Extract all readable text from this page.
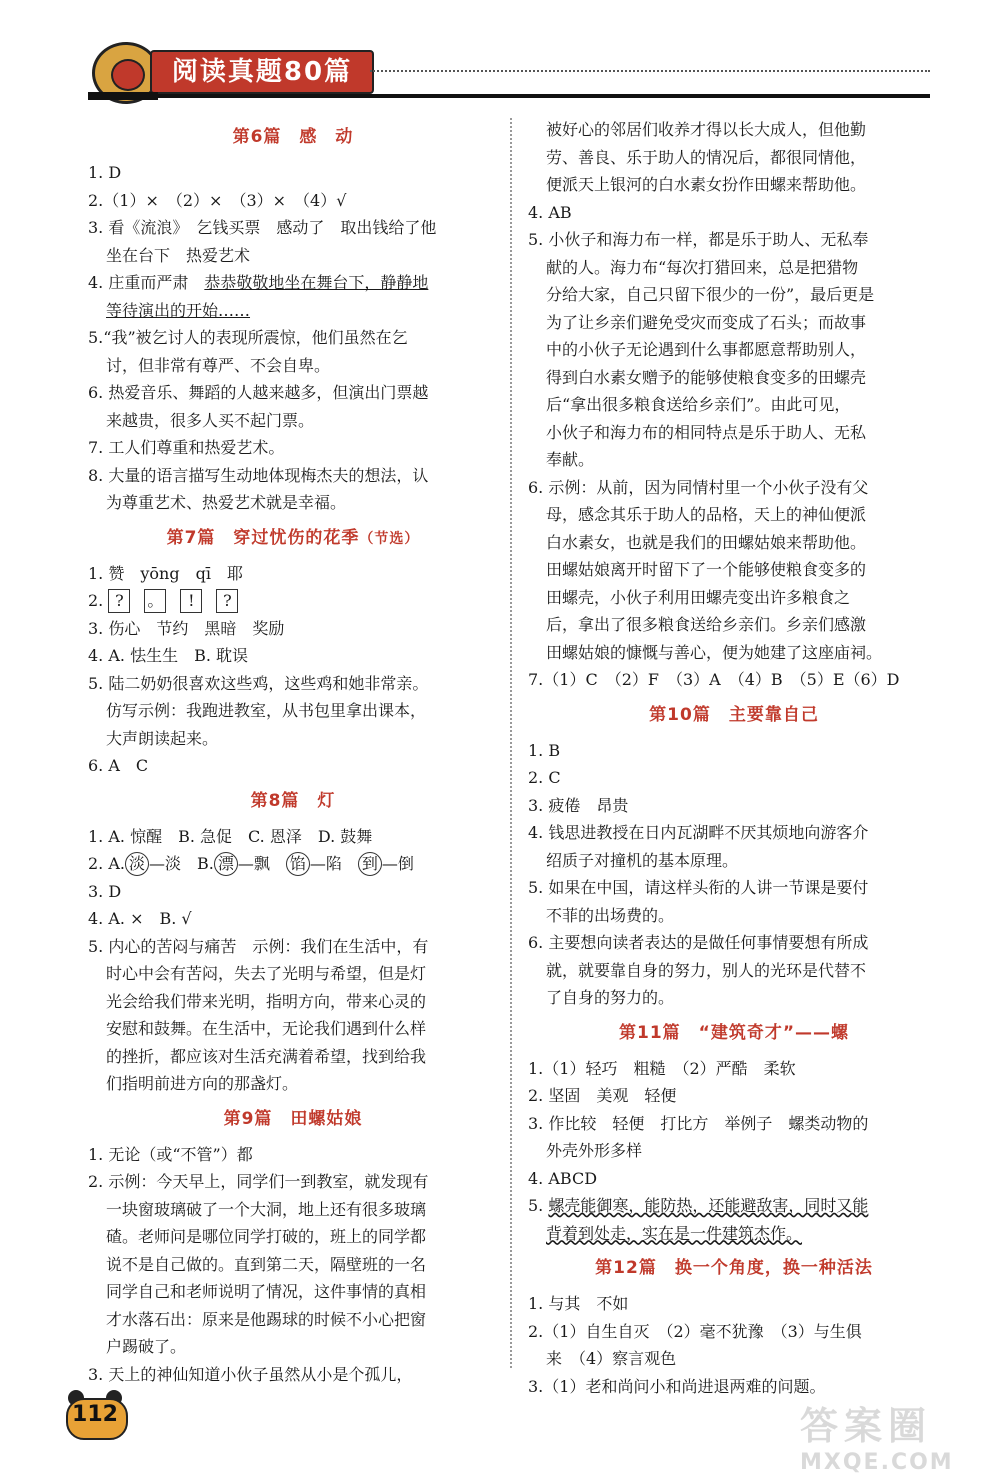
阅读真题80篇
第6篇　感　动
1. D
2.（1）×　（2）×　（3）×　（4）√
3. 看《流浪》　乞钱买票　感动了　取出钱给了他
坐在台下　热爱艺术
4. 庄重而严肃　恭恭敬敬地坐在舞台下，静静地
等待演出的开始……
5.“我”被乞讨人的表现所震惊，他们虽然在乞
讨，但非常有尊严、不会自卑。
6. 热爱音乐、舞蹈的人越来越多，但演出门票越
来越贵，很多人买不起门票。
7. 工人们尊重和热爱艺术。
8. 大量的语言描写生动地体现梅杰夫的想法，认
为尊重艺术、热爱艺术就是幸福。
第7篇　穿过忧伤的花季（节选）
1. 赞　yōng　qī　耶
2. ? 。 ! ?
3. 伤心　节约　黑暗　奖励
4. A. 怯生生　B. 耽误
5. 陆二奶奶很喜欢这些鸡，这些鸡和她非常亲。
仿写示例：我跑进教室，从书包里拿出课本，
大声朗读起来。
6. A　C
第8篇　灯
1. A. 惊醒　B. 急促　C. 恩泽　D. 鼓舞
2. A. 淡 —淡　B. 漂 —飘　馅 —陷　到 —倒
3. D
4. A. ×　B. √
5. 内心的苦闷与痛苦　示例：我们在生活中，有
时心中会有苦闷，失去了光明与希望，但是灯
光会给我们带来光明，指明方向，带来心灵的
安慰和鼓舞。在生活中，无论我们遇到什么样
的挫折，都应该对生活充满着希望，找到给我
们指明前进方向的那盏灯。
第9篇　田螺姑娘
1. 无论（或“不管”）都
2. 示例：今天早上，同学们一到教室，就发现有
一块窗玻璃破了一个大洞，地上还有很多玻璃
碴。老师问是哪位同学打破的，班上的同学都
说不是自己做的。直到第二天，隔壁班的一名
同学自己和老师说明了情况，这件事情的真相
才水落石出：原来是他踢球的时候不小心把窗
户踢破了。
3. 天上的神仙知道小伙子虽然从小是个孤儿，
被好心的邻居们收养才得以长大成人，但他勤
劳、善良、乐于助人的情况后，都很同情他，
便派天上银河的白水素女扮作田螺来帮助他。
4. AB
5. 小伙子和海力布一样，都是乐于助人、无私奉
献的人。海力布“每次打猎回来，总是把猎物
分给大家，自己只留下很少的一份”，最后更是
为了让乡亲们避免受灾而变成了石头；而故事
中的小伙子无论遇到什么事都愿意帮助别人，
得到白水素女赠予的能够使粮食变多的田螺壳
后“拿出很多粮食送给乡亲们”。由此可见，
小伙子和海力布的相同特点是乐于助人、无私
奉献。
6. 示例：从前，因为同情村里一个小伙子没有父
母，感念其乐于助人的品格，天上的神仙便派
白水素女，也就是我们的田螺姑娘来帮助他。
田螺姑娘离开时留下了一个能够使粮食变多的
田螺壳，小伙子利用田螺壳变出许多粮食之
后，拿出了很多粮食送给乡亲们。乡亲们感激
田螺姑娘的慷慨与善心，便为她建了这座庙祠。
7.（1）C　（2）F　（3）A　（4）B　（5）E（6）D
第10篇　主要靠自己
1. B
2. C
3. 疲倦　昂贵
4. 钱思进教授在日内瓦湖畔不厌其烦地向游客介
绍质子对撞机的基本原理。
5. 如果在中国，请这样头衔的人讲一节课是要付
不菲的出场费的。
6. 主要想向读者表达的是做任何事情要想有所成
就，就要靠自身的努力，别人的光环是代替不
了自身的努力的。
第11篇　“建筑奇才”——螺
1.（1）轻巧　粗糙　（2）严酷　柔软
2. 坚固　美观　轻便
3. 作比较　轻便　打比方　举例子　螺类动物的
外壳外形多样
4. ABCD
5. 螺壳能御寒，能防热，还能避敌害，同时又能
背着到处走，实在是一件建筑杰作。
第12篇　换一个角度，换一种活法
1. 与其　不如
2.（1）自生自灭　（2）毫不犹豫　（3）与生俱
来　（4）察言观色
3.（1）老和尚问小和尚进退两难的问题。
112	答案圈
MXQE.COM
